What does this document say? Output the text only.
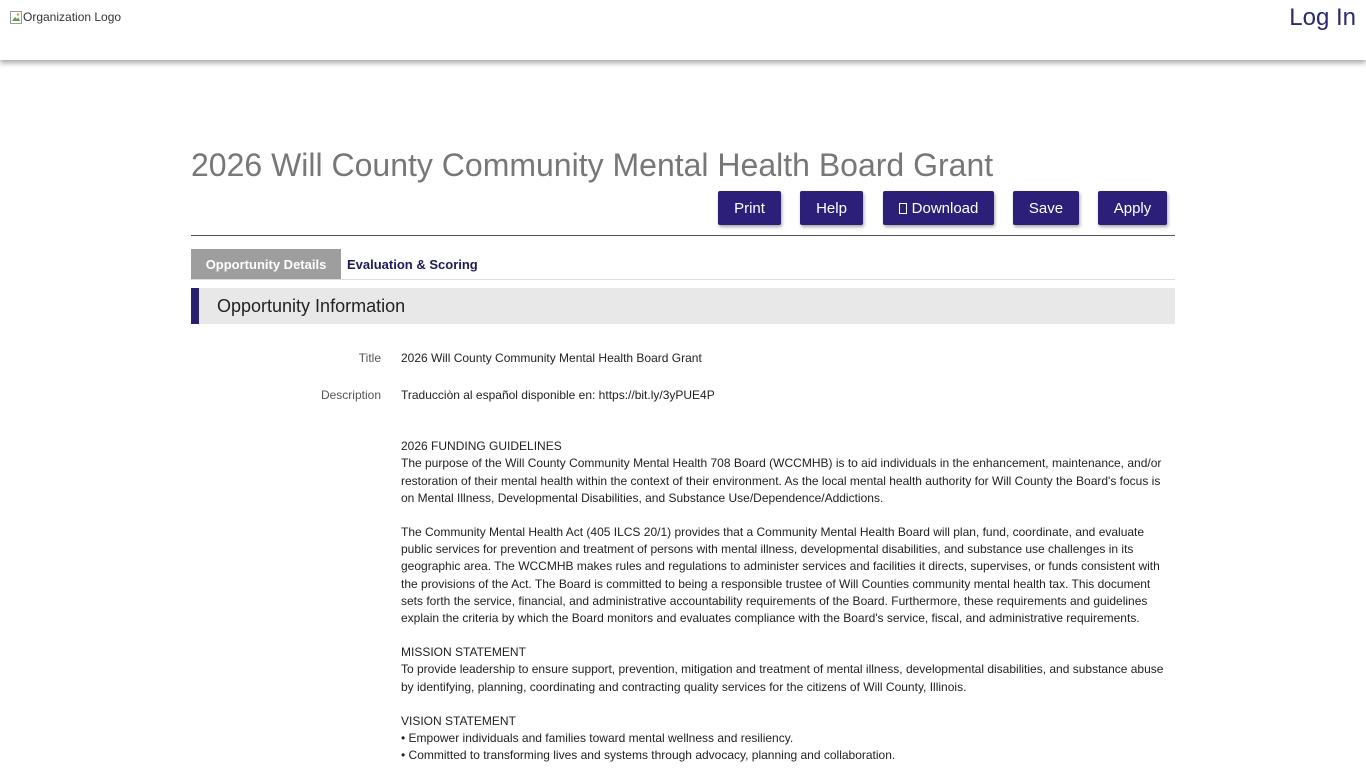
Organization Logo	Log In
2026 Will County Community Mental Health Board Grant
Print	Help	Download	Save	Apply
Opportunity Details Evaluation & Scoring
Opportunity Information
Title 2026 Will County Community Mental Health Board Grant
Description Traducciòn al español disponible en: https://bit.ly/3yPUE4P

2026 FUNDING GUIDELINES

The purpose of the Will County Community Mental Health 708 Board (WCCMHB) is to aid individuals in the enhancement, maintenance, and/or restoration of their mental health within the context of their environment. As the local mental health authority for Will County the Board's focus is on Mental Illness, Developmental Disabilities, and Substance Use/Dependence/Addictions.

The Community Mental Health Act (405 ILCS 20/1) provides that a Community Mental Health Board will plan, fund, coordinate, and evaluate public services for prevention and treatment of persons with mental illness, developmental disabilities, and substance use challenges in its geographic area. The WCCMHB makes rules and regulations to administer services and facilities it directs, supervises, or funds consistent with the provisions of the Act. The Board is committed to being a responsible trustee of Will Counties community mental health tax. This document sets forth the service, financial, and administrative accountability requirements of the Board. Furthermore, these requirements and guidelines explain the criteria by which the Board monitors and evaluates compliance with the Board's service, fiscal, and administrative requirements.

MISSION STATEMENT

To provide leadership to ensure support, prevention, mitigation and treatment of mental illness, developmental disabilities, and substance abuse by identifying, planning, coordinating and contracting quality services for the citizens of Will County, Illinois.

VISION STATEMENT

• Empower individuals and families toward mental wellness and resiliency.

• Committed to transforming lives and systems through advocacy, planning and collaboration.
